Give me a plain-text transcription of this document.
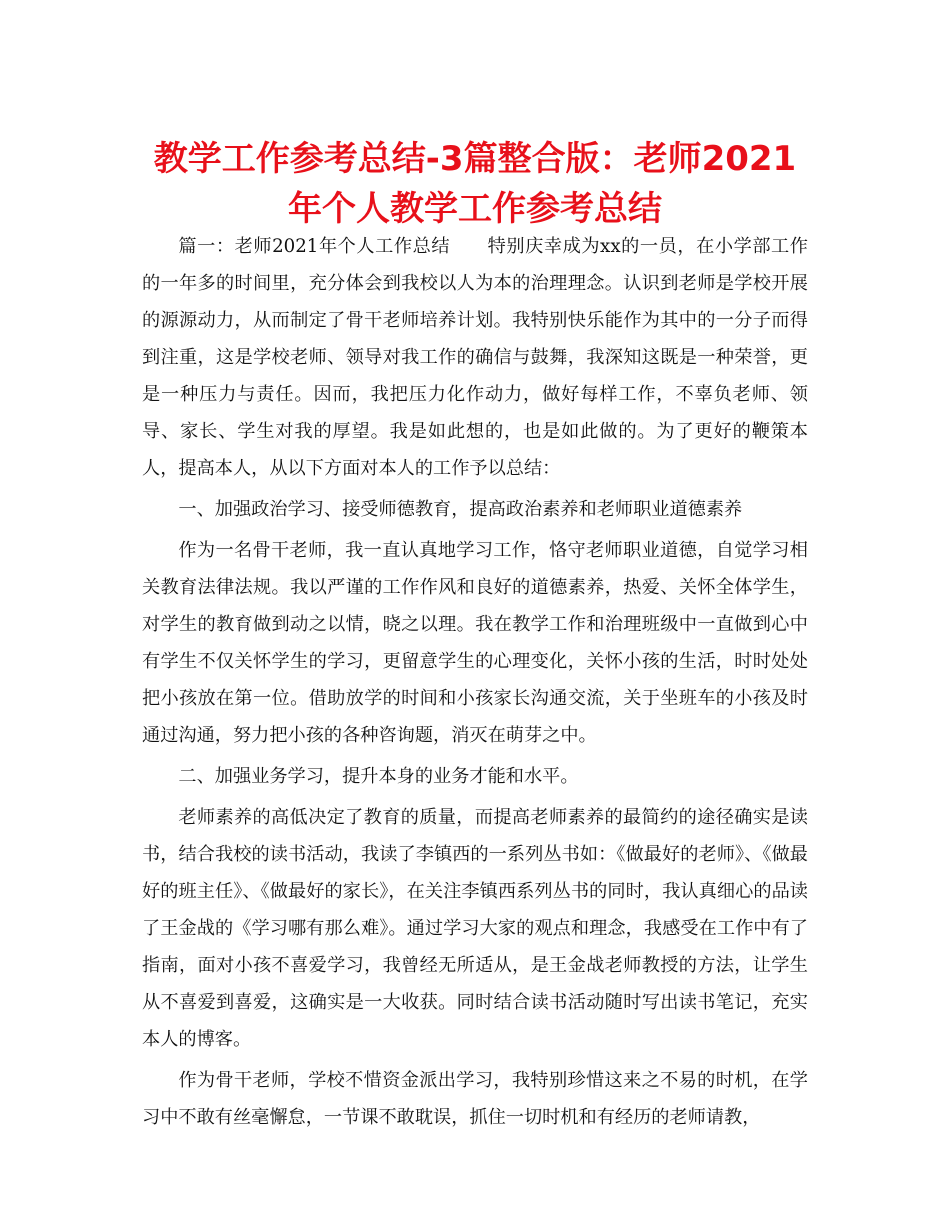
教学工作参考总结-3篇整合版：老师2021年个人教学工作参考总结

篇一：老师2021年个人工作总结　　特别庆幸成为xx的一员，在小学部工作的一年多的时间里，充分体会到我校以人为本的治理理念。认识到老师是学校开展的源源动力，从而制定了骨干老师培养计划。我特别快乐能作为其中的一分子而得到注重，这是学校老师、领导对我工作的确信与鼓舞，我深知这既是一种荣誉，更是一种压力与责任。因而，我把压力化作动力，做好每样工作，不辜负老师、领导、家长、学生对我的厚望。我是如此想的，也是如此做的。为了更好的鞭策本人，提高本人，从以下方面对本人的工作予以总结：

一、加强政治学习、接受师德教育，提高政治素养和老师职业道德素养

作为一名骨干老师，我一直认真地学习工作，恪守老师职业道德，自觉学习相关教育法律法规。我以严谨的工作作风和良好的道德素养，热爱、关怀全体学生，对学生的教育做到动之以情，晓之以理。我在教学工作和治理班级中一直做到心中有学生不仅关怀学生的学习，更留意学生的心理变化，关怀小孩的生活，时时处处把小孩放在第一位。借助放学的时间和小孩家长沟通交流，关于坐班车的小孩及时通过沟通，努力把小孩的各种咨询题，消灭在萌芽之中。

二、加强业务学习，提升本身的业务才能和水平。

老师素养的高低决定了教育的质量，而提高老师素养的最简约的途径确实是读书，结合我校的读书活动，我读了李镇西的一系列丛书如：《做最好的老师》、《做最好的班主任》、《做最好的家长》，在关注李镇西系列丛书的同时，我认真细心的品读了王金战的《学习哪有那么难》。通过学习大家的观点和理念，我感受在工作中有了指南，面对小孩不喜爱学习，我曾经无所适从，是王金战老师教授的方法，让学生从不喜爱到喜爱，这确实是一大收获。同时结合读书活动随时写出读书笔记，充实本人的博客。

作为骨干老师，学校不惜资金派出学习，我特别珍惜这来之不易的时机，在学习中不敢有丝毫懈怠，一节课不敢耽误，抓住一切时机和有经历的老师请教，
